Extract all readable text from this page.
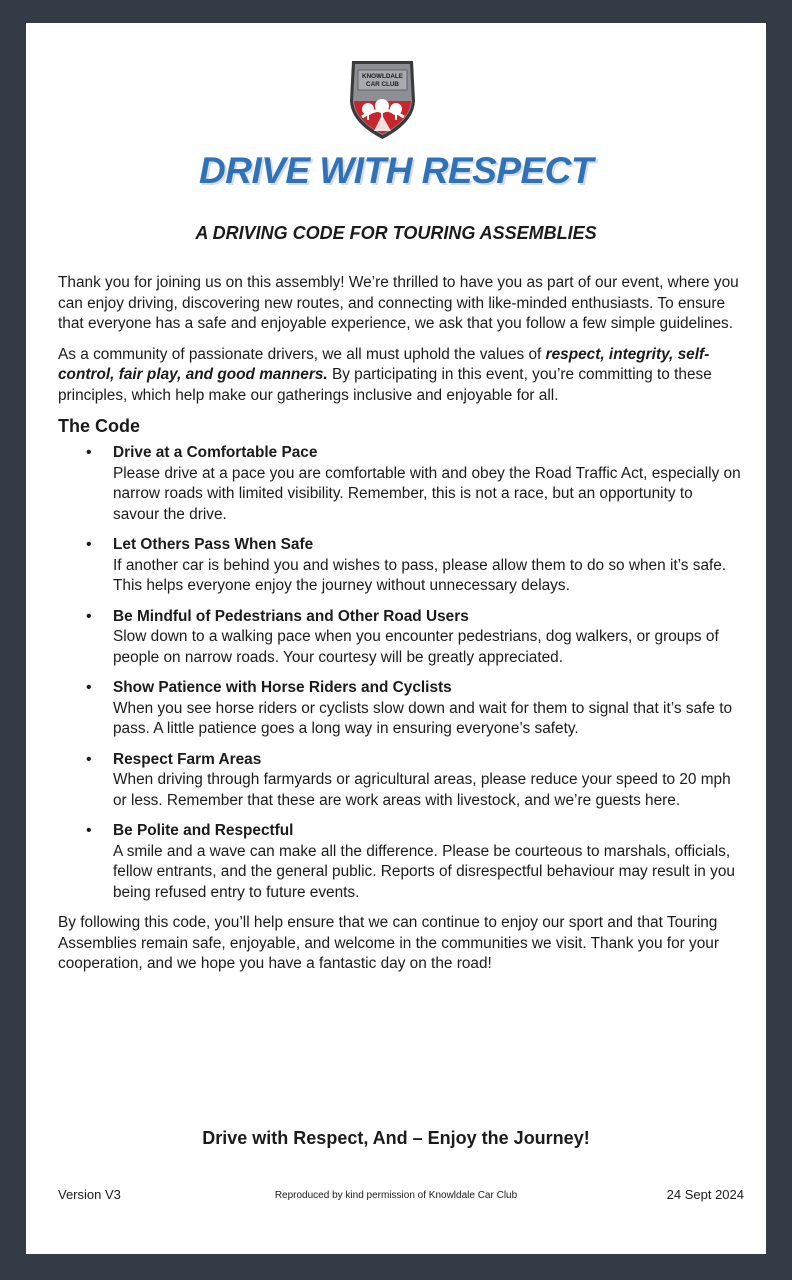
KNOWLDALE
CAR CLUB
DRIVE WITH RESPECT
A DRIVING CODE FOR TOURING ASSEMBLIES

Thank you for joining us on this assembly! We’re thrilled to have you as part of our event, where you can enjoy driving, discovering new routes, and connecting with like-minded enthusiasts. To ensure that everyone has a safe and enjoyable experience, we ask that you follow a few simple guidelines.

As a community of passionate drivers, we all must uphold the values of respect, integrity, self-control, fair play, and good manners. By participating in this event, you’re committing to these principles, which help make our gatherings inclusive and enjoyable for all.

The Code
• Drive at a Comfortable Pace
Please drive at a pace you are comfortable with and obey the Road Traffic Act, especially on narrow roads with limited visibility. Remember, this is not a race, but an opportunity to savour the drive.
• Let Others Pass When Safe
If another car is behind you and wishes to pass, please allow them to do so when it’s safe. This helps everyone enjoy the journey without unnecessary delays.
• Be Mindful of Pedestrians and Other Road Users
Slow down to a walking pace when you encounter pedestrians, dog walkers, or groups of people on narrow roads. Your courtesy will be greatly appreciated.
• Show Patience with Horse Riders and Cyclists
When you see horse riders or cyclists slow down and wait for them to signal that it’s safe to pass. A little patience goes a long way in ensuring everyone’s safety.
• Respect Farm Areas
When driving through farmyards or agricultural areas, please reduce your speed to 20 mph or less. Remember that these are work areas with livestock, and we’re guests here.
• Be Polite and Respectful
A smile and a wave can make all the difference. Please be courteous to marshals, officials, fellow entrants, and the general public. Reports of disrespectful behaviour may result in you being refused entry to future events.

By following this code, you’ll help ensure that we can continue to enjoy our sport and that Touring Assemblies remain safe, enjoyable, and welcome in the communities we visit. Thank you for your cooperation, and we hope you have a fantastic day on the road!

Drive with Respect, And – Enjoy the Journey!

Version V3	Reproduced by kind permission of Knowldale Car Club	24 Sept 2024
